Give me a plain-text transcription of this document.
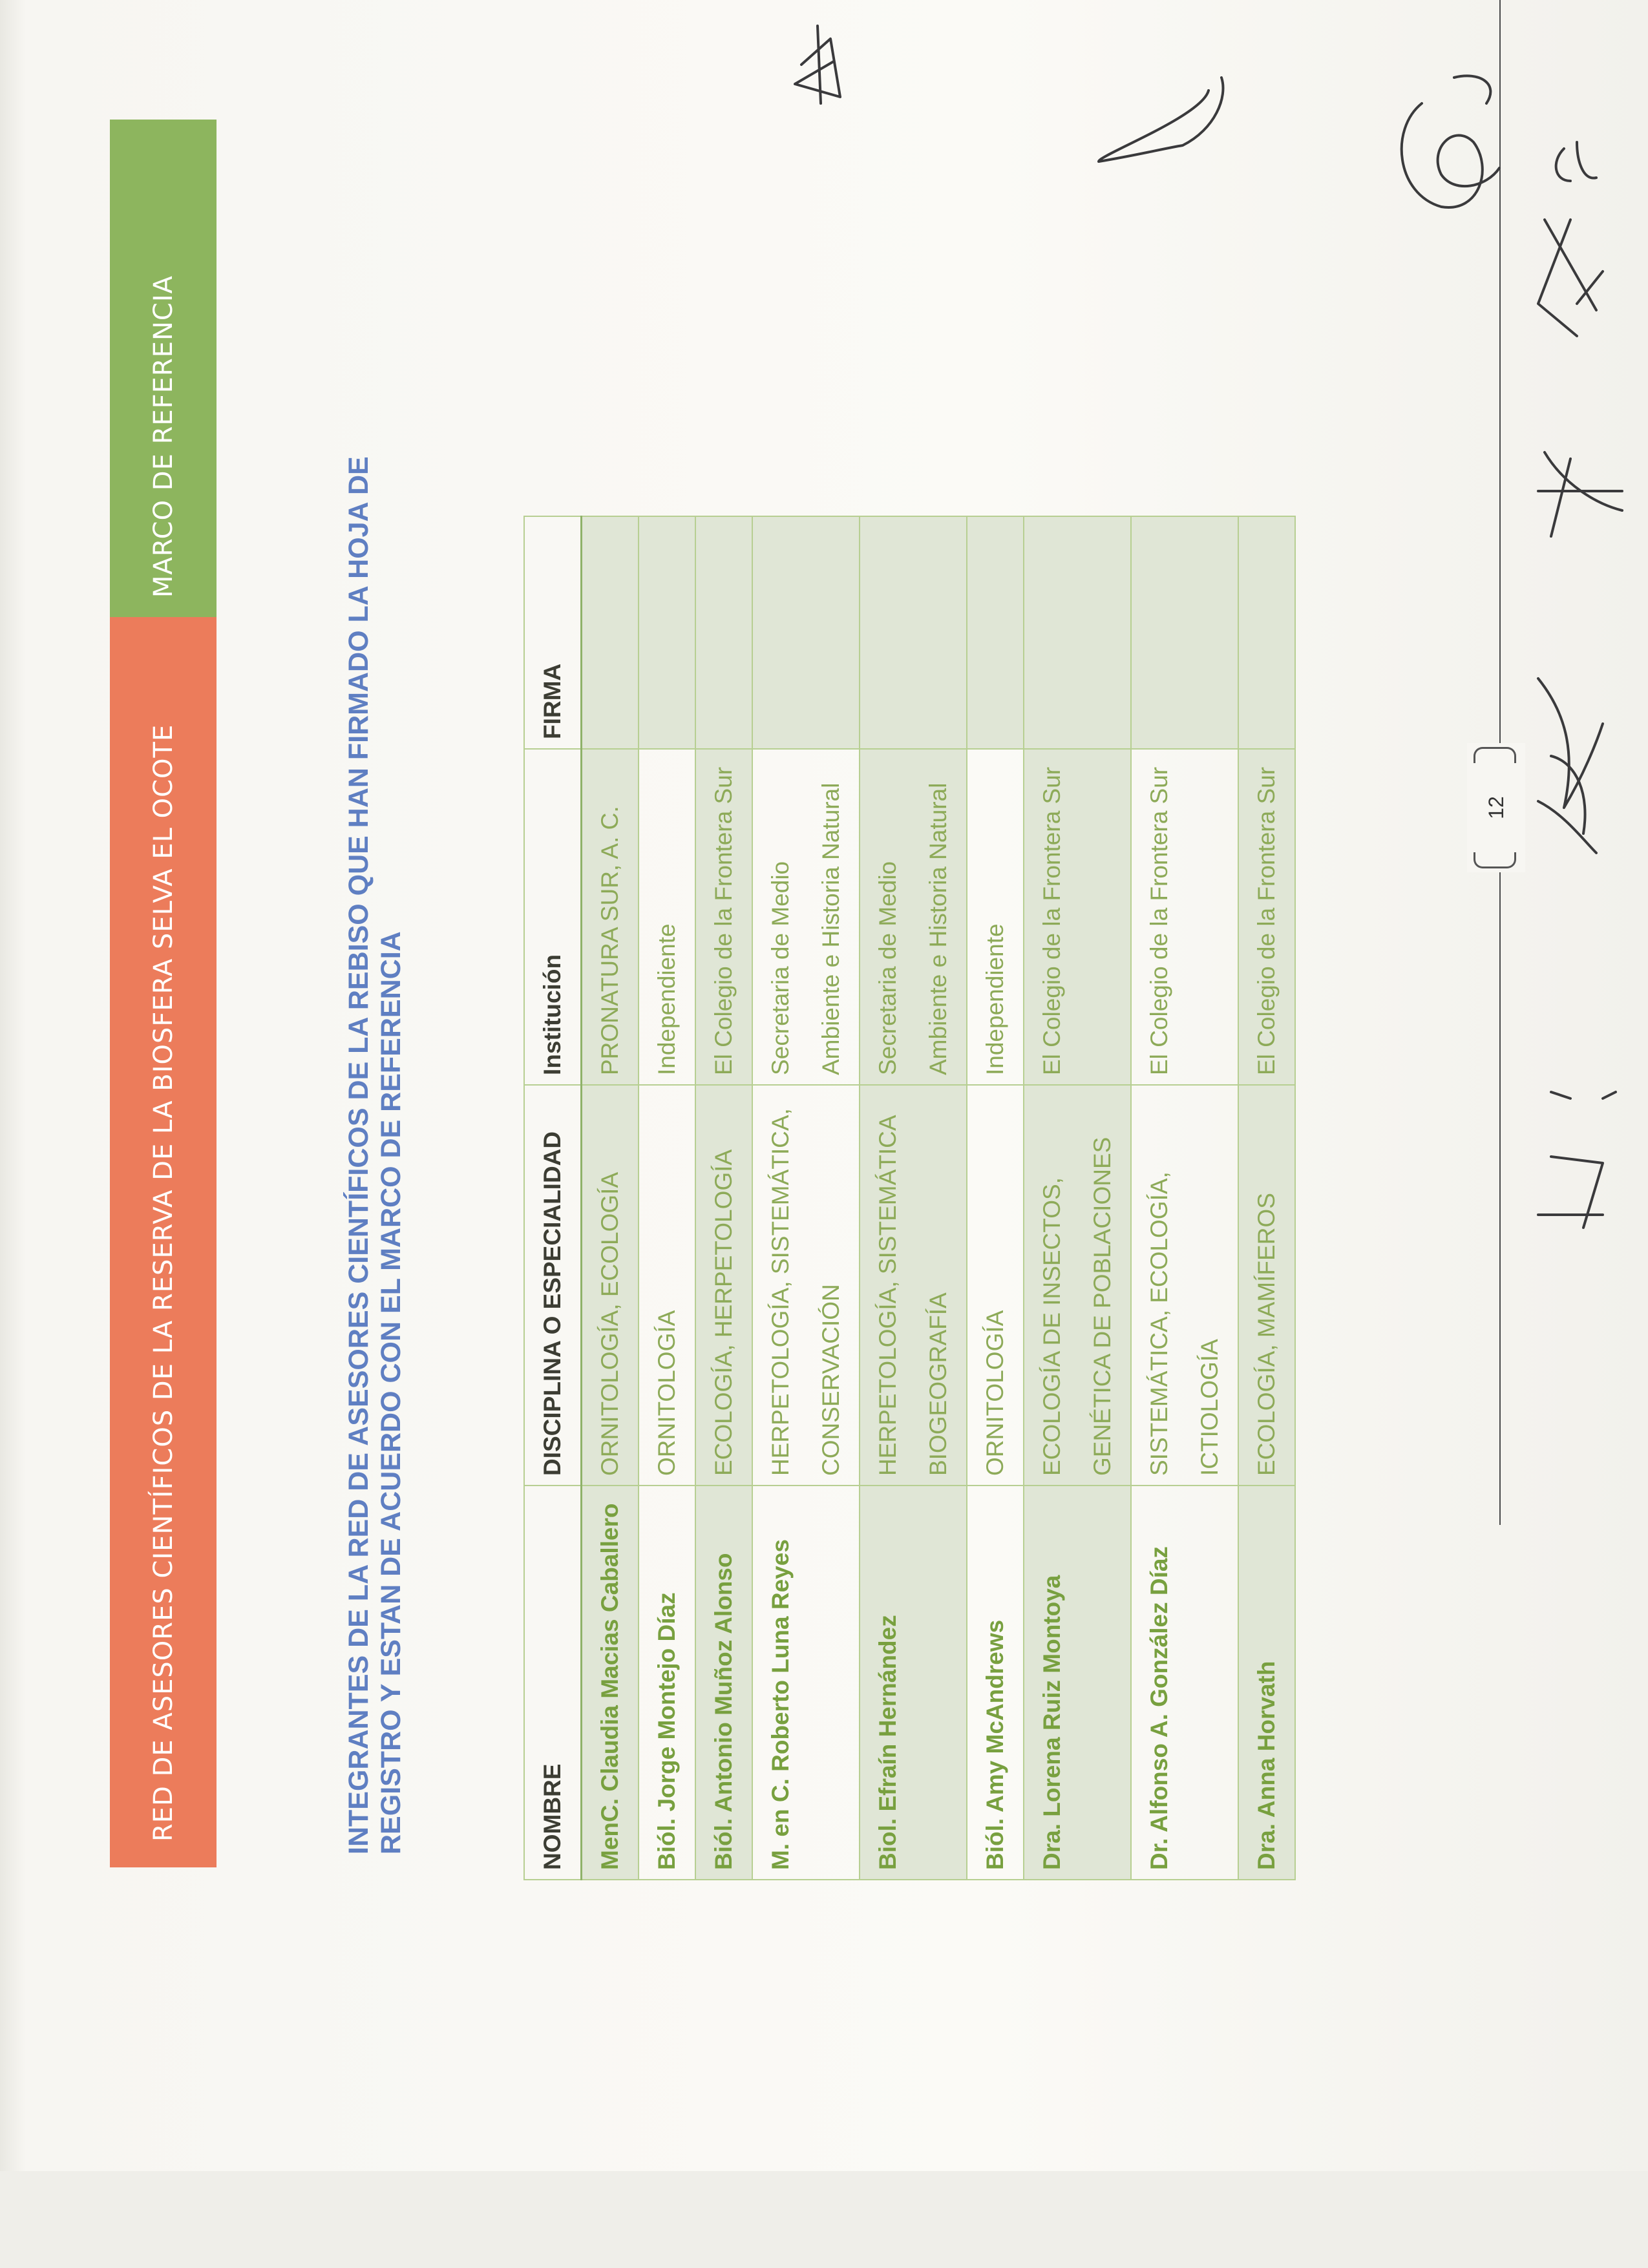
RED DE ASESORES CIENTÍFICOS DE LA RESERVA DE LA BIOSFERA SELVA EL OCOTE
MARCO DE REFERENCIA
INTEGRANTES DE LA RED DE ASESORES CIENTÍFICOS DE LA REBISO QUE HAN FIRMADO LA HOJA DE REGISTRO Y ESTAN DE ACUERDO CON EL MARCO DE REFERENCIA	NOMBRE	DISCIPLINA O ESPECIALIDAD	Institución	FIRMA
MenC. Claudia Macias Caballero	ORNITOLOGÍA, ECOLOGÍA	PRONATURA SUR, A. C.	
Biól. Jorge Montejo Díaz	ORNITOLOGÍA	Independiente	
Biól. Antonio Muñoz Alonso	ECOLOGÍA, HERPETOLOGÍA	El Colegio de la Frontera Sur	
M. en C. Roberto Luna Reyes	HERPETOLOGÍA, SISTEMÁTICA, CONSERVACIÓN	Secretaria de Medio Ambiente e Historia Natural	
Biol. Efraín Hernández	HERPETOLOGÍA, SISTEMÁTICA BIOGEOGRAFÍA	Secretaria de Medio Ambiente e Historia Natural	
Biól. Amy McAndrews	ORNITOLOGÍA	Independiente	
Dra. Lorena Ruiz Montoya	ECOLOGÍA DE INSECTOS, GENÉTICA DE POBLACIONES	El Colegio de la Frontera Sur	
Dr. Alfonso A. González Díaz	SISTEMÁTICA, ECOLOGÍA, ICTIOLOGÍA	El Colegio de la Frontera Sur	
Dra. Anna Horvath	ECOLOGÍA, MAMÍFEROS	El Colegio de la Frontera Sur		12
